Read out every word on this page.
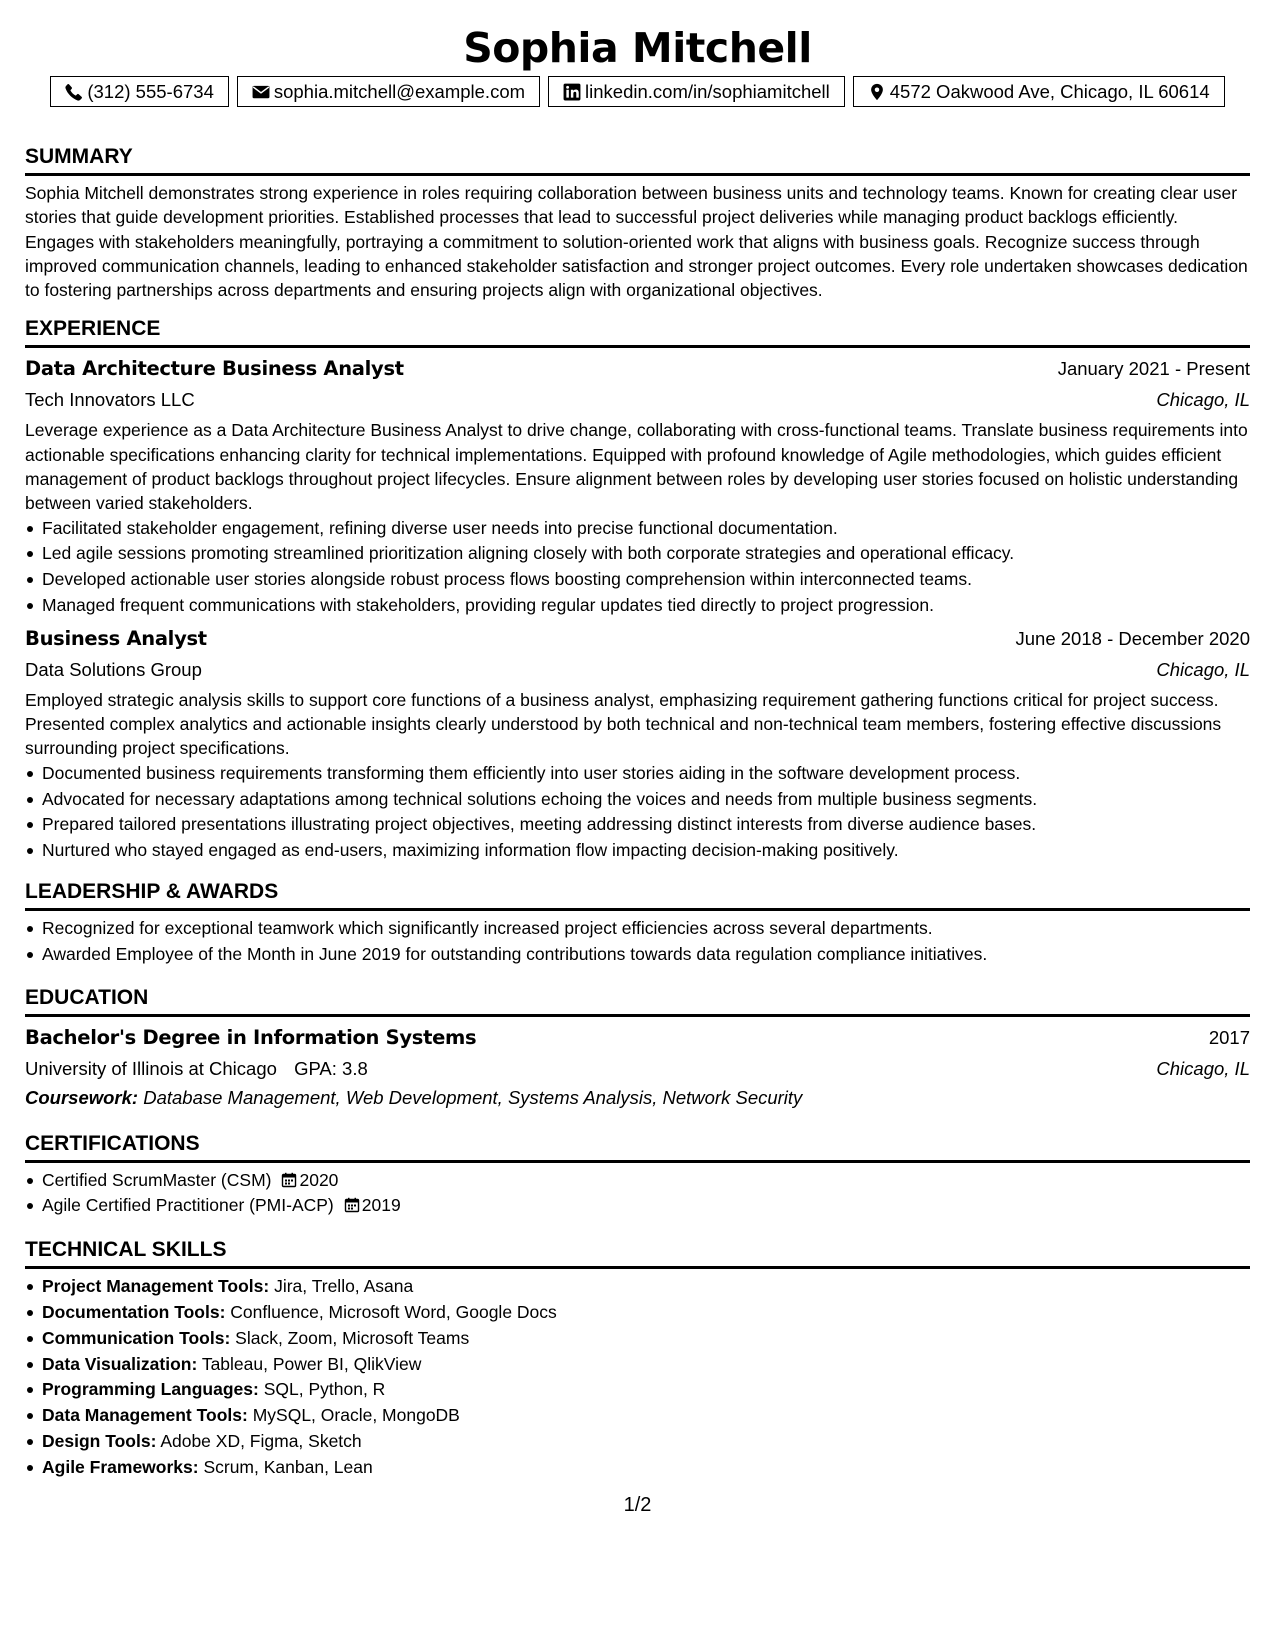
Sophia Mitchell
(312) 555-6734	sophia.mitchell@example.com	linkedin.com/in/sophiamitchell	4572 Oakwood Ave, Chicago, IL 60614
SUMMARY

Sophia Mitchell demonstrates strong experience in roles requiring collaboration between business units and technology teams. Known for creating clear user stories that guide development priorities. Established processes that lead to successful project deliveries while managing product backlogs efficiently. Engages with stakeholders meaningfully, portraying a commitment to solution-oriented work that aligns with business goals. Recognize success through improved communication channels, leading to enhanced stakeholder satisfaction and stronger project outcomes. Every role undertaken showcases dedication to fostering partnerships across departments and ensuring projects align with organizational objectives.

EXPERIENCE
Data Architecture Business Analyst	January 2021 - Present
Tech Innovators LLC	Chicago, IL

Leverage experience as a Data Architecture Business Analyst to drive change, collaborating with cross-functional teams. Translate business requirements into actionable specifications enhancing clarity for technical implementations. Equipped with profound knowledge of Agile methodologies, which guides efficient management of product backlogs throughout project lifecycles. Ensure alignment between roles by developing user stories focused on holistic understanding between varied stakeholders.

Facilitated stakeholder engagement, refining diverse user needs into precise functional documentation.
Led agile sessions promoting streamlined prioritization aligning closely with both corporate strategies and operational efficacy.
Developed actionable user stories alongside robust process flows boosting comprehension within interconnected teams.
Managed frequent communications with stakeholders, providing regular updates tied directly to project progression.
Business Analyst	June 2018 - December 2020
Data Solutions Group	Chicago, IL

Employed strategic analysis skills to support core functions of a business analyst, emphasizing requirement gathering functions critical for project success. Presented complex analytics and actionable insights clearly understood by both technical and non-technical team members, fostering effective discussions surrounding project specifications.

Documented business requirements transforming them efficiently into user stories aiding in the software development process.
Advocated for necessary adaptations among technical solutions echoing the voices and needs from multiple business segments.
Prepared tailored presentations illustrating project objectives, meeting addressing distinct interests from diverse audience bases.
Nurtured who stayed engaged as end-users, maximizing information flow impacting decision-making positively.
LEADERSHIP & AWARDS
Recognized for exceptional teamwork which significantly increased project efficiencies across several departments.
Awarded Employee of the Month in June 2019 for outstanding contributions towards data regulation compliance initiatives.
EDUCATION
Bachelor's Degree in Information Systems	2017
University of Illinois at Chicago GPA: 3.8	Chicago, IL
Coursework: Database Management, Web Development, Systems Analysis, Network Security
CERTIFICATIONS
Certified ScrumMaster (CSM) 2020
Agile Certified Practitioner (PMI-ACP) 2019
TECHNICAL SKILLS
Project Management Tools: Jira, Trello, Asana
Documentation Tools: Confluence, Microsoft Word, Google Docs
Communication Tools: Slack, Zoom, Microsoft Teams
Data Visualization: Tableau, Power BI, QlikView
Programming Languages: SQL, Python, R
Data Management Tools: MySQL, Oracle, MongoDB
Design Tools: Adobe XD, Figma, Sketch
Agile Frameworks: Scrum, Kanban, Lean
1/2
